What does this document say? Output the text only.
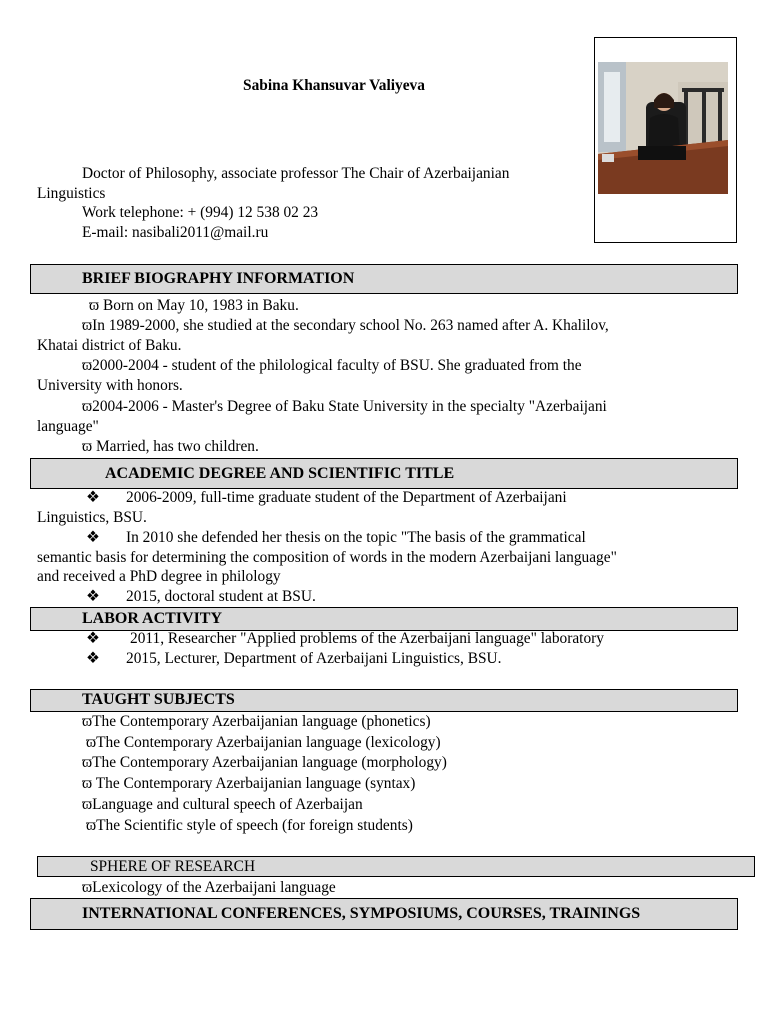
Sabina Khansuvar Valiyeva
Doctor of Philosophy, associate professor The Chair of Azerbaijanian
Linguistics
Work telephone: + (994) 12 538 02 23
E-mail: nasibali2011@mail.ru
BRIEF BIOGRAPHY INFORMATION
ϖ Born on May 10, 1983 in Baku.
ϖIn 1989-2000, she studied at the secondary school No. 263 named after A. Khalilov,
Khatai district of Baku.
ϖ2000-2004 - student of the philological faculty of BSU. She graduated from the
University with honors.
ϖ2004-2006 - Master's Degree of Baku State University in the specialty "Azerbaijani
language"
ϖ Married, has two children.
ACADEMIC DEGREE AND SCIENTIFIC TITLE
❖ 2006-2009, full-time graduate student of the Department of Azerbaijani
Linguistics, BSU.
❖ In 2010 she defended her thesis on the topic "The basis of the grammatical
semantic basis for determining the composition of words in the modern Azerbaijani language"
and received a PhD degree in philology
❖ 2015, doctoral student at BSU.
LABOR ACTIVITY
❖ 2011, Researcher "Applied problems of the Azerbaijani language" laboratory
❖ 2015, Lecturer, Department of Azerbaijani Linguistics, BSU.
TAUGHT SUBJECTS
ϖThe Contemporary Azerbaijanian language (phonetics)
ϖThe Contemporary Azerbaijanian language (lexicology)
ϖThe Contemporary Azerbaijanian language (morphology)
ϖ The Contemporary Azerbaijanian language (syntax)
ϖLanguage and cultural speech of Azerbaijan
ϖThe Scientific style of speech (for foreign students)
SPHERE OF RESEARCH
ϖLexicology of the Azerbaijani language
INTERNATIONAL CONFERENCES, SYMPOSIUMS, COURSES, TRAININGS
